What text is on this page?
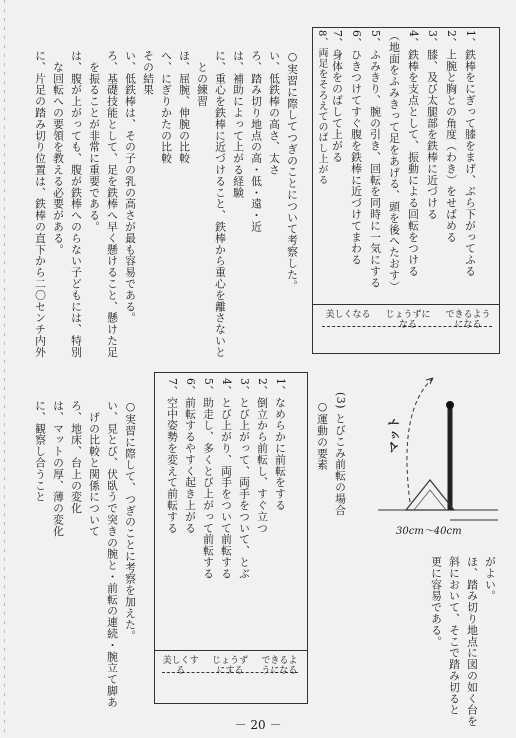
1、鉄棒をにぎって膝をまげ、ぶら下がってふる
2、上腕と胸との角度（わき）をせばめる
3、膝、及び太腿部を鉄棒に近づける
4、鉄棒を支点として、振動による回転をつける
（地面をふみきって足をあげる、頭を後へたおす）
5、ふみきり、腕の引き、回転を同時に一気にする
6、ひきつけてすぐ腹を鉄棒に近づけてまわる
7、身体をのばして上がる
8、両足をそろえてのばし上がる
できるようになる
じょうずになる
美しくなる
○実習に際してつぎのことについて考察した。
い、低鉄棒の高さ、太さ
ろ、踏み切り地点の高・低・遠・近
は、補助によって上がる経験
に、重心を鉄棒に近づけること、鉄棒から重心を離さないと
　との練習
ほ、屈腕、伸腕の比較
へ、にぎりかたの比較
その結果
い、低鉄棒は、その子の乳の高さが最も容易である。
ろ、基礎技能として、足を鉄棒へ早く懸けること、懸けた足
　を振ることが非常に重要である。
は、腹が上がっても、腹が鉄棒へのらない子どもには、特別
　な回転への要領を教える必要がある。
に、片足の踏み切り位置は、鉄棒の直下から二〇センチ内外
マット
30cm〜40cm
(3) とびこみ前転の場合
○運動の要素
がよい。
ほ、踏み切り地点に図の如く台を
斜において、そこで踏み切ると
更に容易である。
1、なめらかに前転をする
2、倒立から前転し、すぐ立つ
3、とび上がって、両手をついて、とぶ
4、とび上がり、両手をついて前転する
5、助走し、多くとび上がって前転する
6、前転するやすく起き上がる
7、空中姿勢を変えて前転する
できるようになる
じょうずにする
美しくする
○実習に際して、つぎのことに考察を加えた。
い、見とび、伏臥うで突きの腕と・前転の連続・腕立て脚あ
　げの比較と関係について
ろ、地床、台上の変化
は、マットの厚、薄の変化
に、観察し合うこと
－ 20 －
